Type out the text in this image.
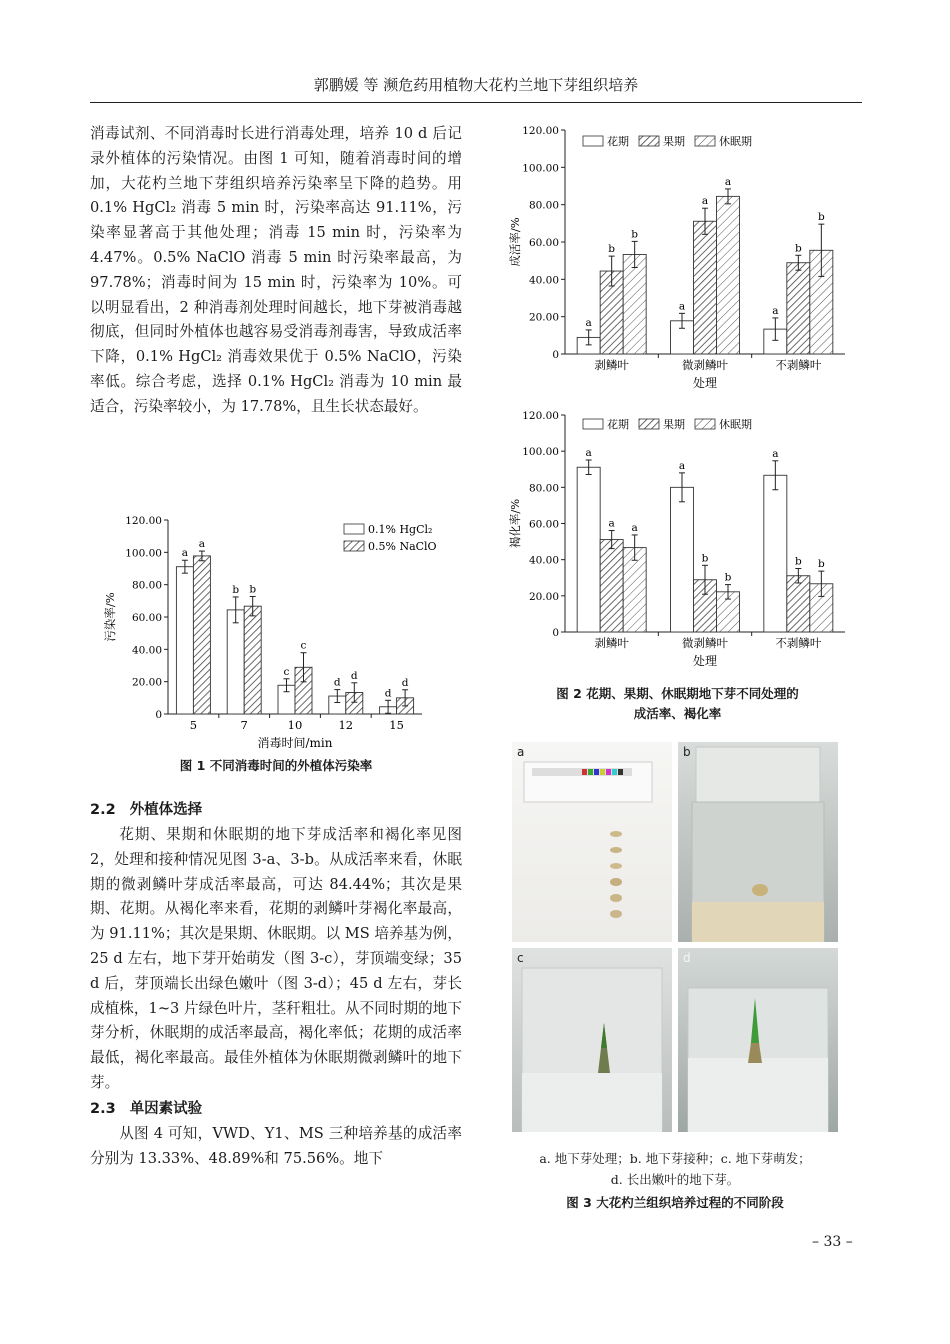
郭鹏媛 等 濒危药用植物大花杓兰地下芽组织培养

消毒试剂、不同消毒时长进行消毒处理，培养 10 d 后记录外植体的污染情况。由图 1 可知，随着消毒时间的增加，大花杓兰地下芽组织培养污染率呈下降的趋势。用 0.1% HgCl₂ 消毒 5 min 时，污染率高达 91.11%，污染率显著高于其他处理；消毒 15 min 时，污染率为 4.47%。0.5% NaClO 消毒 5 min 时污染率最高，为 97.78%；消毒时间为 15 min 时，污染率为 10%。可以明显看出，2 种消毒剂处理时间越长，地下芽被消毒越彻底，但同时外植体也越容易受消毒剂毒害，导致成活率下降，0.1% HgCl₂ 消毒效果优于 0.5% NaClO，污染率低。综合考虑，选择 0.1% HgCl₂ 消毒为 10 min 最适合，污染率较小，为 17.78%，且生长状态最好。

0
20.00
40.00
60.00
80.00
100.00
120.00
污染率/%
5
a
a
7
b b
10
c
c
12
d
d
15
d
d
消毒时间/min
0.1% HgCl₂
0.5% NaClO
图 1 不同消毒时间的外植体污染率

2.2 外植体选择

花期、果期和休眠期的地下芽成活率和褐化率见图 2，处理和接种情况见图 3-a、3-b。从成活率来看，休眠期的微剥鳞叶芽成活率最高，可达 84.44%；其次是果期、花期。从褐化率来看，花期的剥鳞叶芽褐化率最高，为 91.11%；其次是果期、休眠期。以 MS 培养基为例，25 d 左右，地下芽开始萌发（图 3-c），芽顶端变绿；35 d 后，芽顶端长出绿色嫩叶（图 3-d）；45 d 左右，芽长成植株，1~3 片绿色叶片，茎秆粗壮。从不同时期的地下芽分析，休眠期的成活率最高，褐化率低；花期的成活率最低，褐化率最高。最佳外植体为休眠期微剥鳞叶的地下芽。

2.3 单因素试验

从图 4 可知，VWD、Y1、MS 三种培养基的成活率分别为 13.33%、48.89%和 75.56%。地下

0
20.00
40.00
60.00
80.00
100.00
120.00
成活率/%
剥鳞叶
a
b
b
微剥鳞叶
a
a
a
不剥鳞叶
a
b
b
处理
花期	果期	休眠期
0
20.00
40.00
60.00
80.00
100.00
120.00
褐化率/%
剥鳞叶
a
a a
微剥鳞叶
a
b
b
不剥鳞叶
a
b b
处理
花期	果期	休眠期
图 2 花期、果期、休眠期地下芽不同处理的
成活率、褐化率
a	b
c	d
a. 地下芽处理；b. 地下芽接种；c. 地下芽萌发；
d. 长出嫩叶的地下芽。
图 3 大花杓兰组织培养过程的不同阶段
– 33 –
